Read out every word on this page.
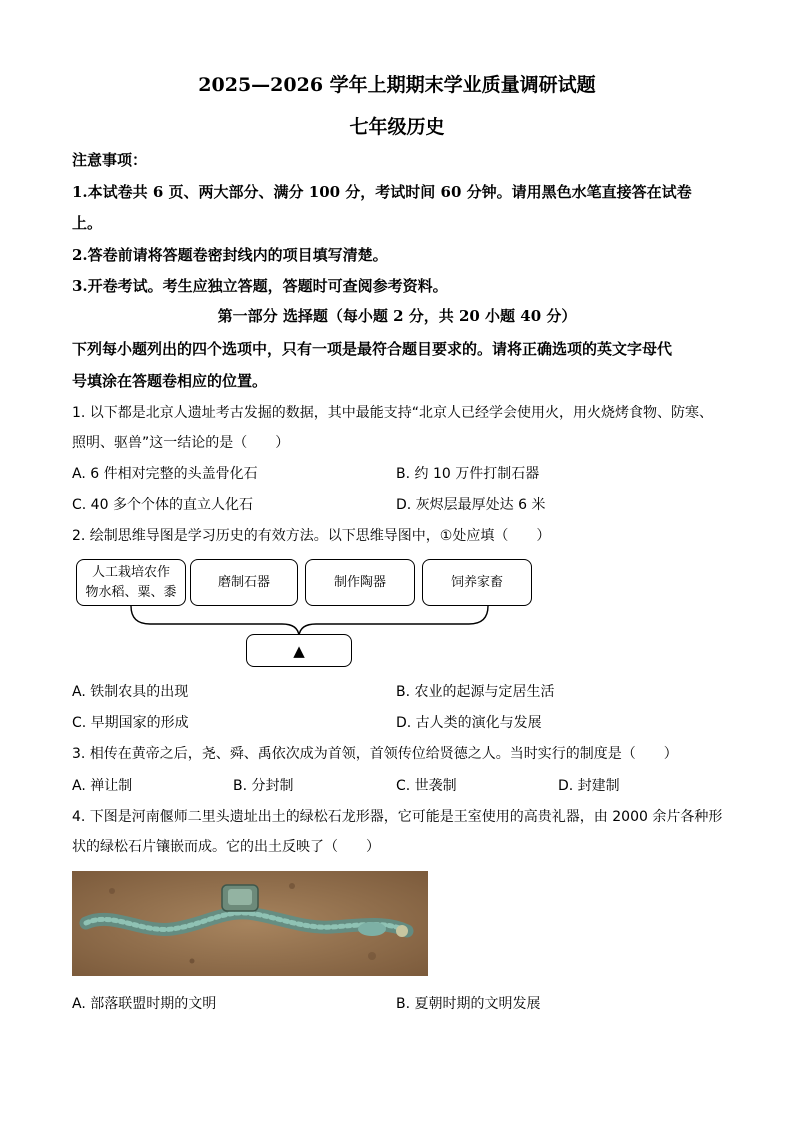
2025—2026 学年上期期末学业质量调研试题
七年级历史
注意事项：
1.本试卷共 6 页、两大部分、满分 100 分，考试时间 60 分钟。请用黑色水笔直接答在试卷
上。
2.答卷前请将答题卷密封线内的项目填写清楚。
3.开卷考试。考生应独立答题，答题时可查阅参考资料。
第一部分 选择题（每小题 2 分，共 20 小题 40 分）
下列每小题列出的四个选项中，只有一项是最符合题目要求的。请将正确选项的英文字母代
号填涂在答题卷相应的位置。
1. 以下都是北京人遗址考古发掘的数据，其中最能支持“北京人已经学会使用火，用火烧烤食物、防寒、
照明、驱兽”这一结论的是（　　）
A. 6 件相对完整的头盖骨化石	B. 约 10 万件打制石器
C. 40 多个个体的直立人化石	D. 灰烬层最厚处达 6 米
2. 绘制思维导图是学习历史的有效方法。以下思维导图中，①处应填（　　）
人工栽培农作
物水稻、粟、黍
磨制石器	制作陶器	饲养家畜
▲
A. 铁制农具的出现	B. 农业的起源与定居生活
C. 早期国家的形成	D. 古人类的演化与发展
3. 相传在黄帝之后，尧、舜、禹依次成为首领，首领传位给贤德之人。当时实行的制度是（　　）
A. 禅让制	B. 分封制	C. 世袭制	D. 封建制
4. 下图是河南偃师二里头遗址出土的绿松石龙形器，它可能是王室使用的高贵礼器，由 2000 余片各种形
状的绿松石片镶嵌而成。它的出土反映了（　　）
A. 部落联盟时期的文明	B. 夏朝时期的文明发展
